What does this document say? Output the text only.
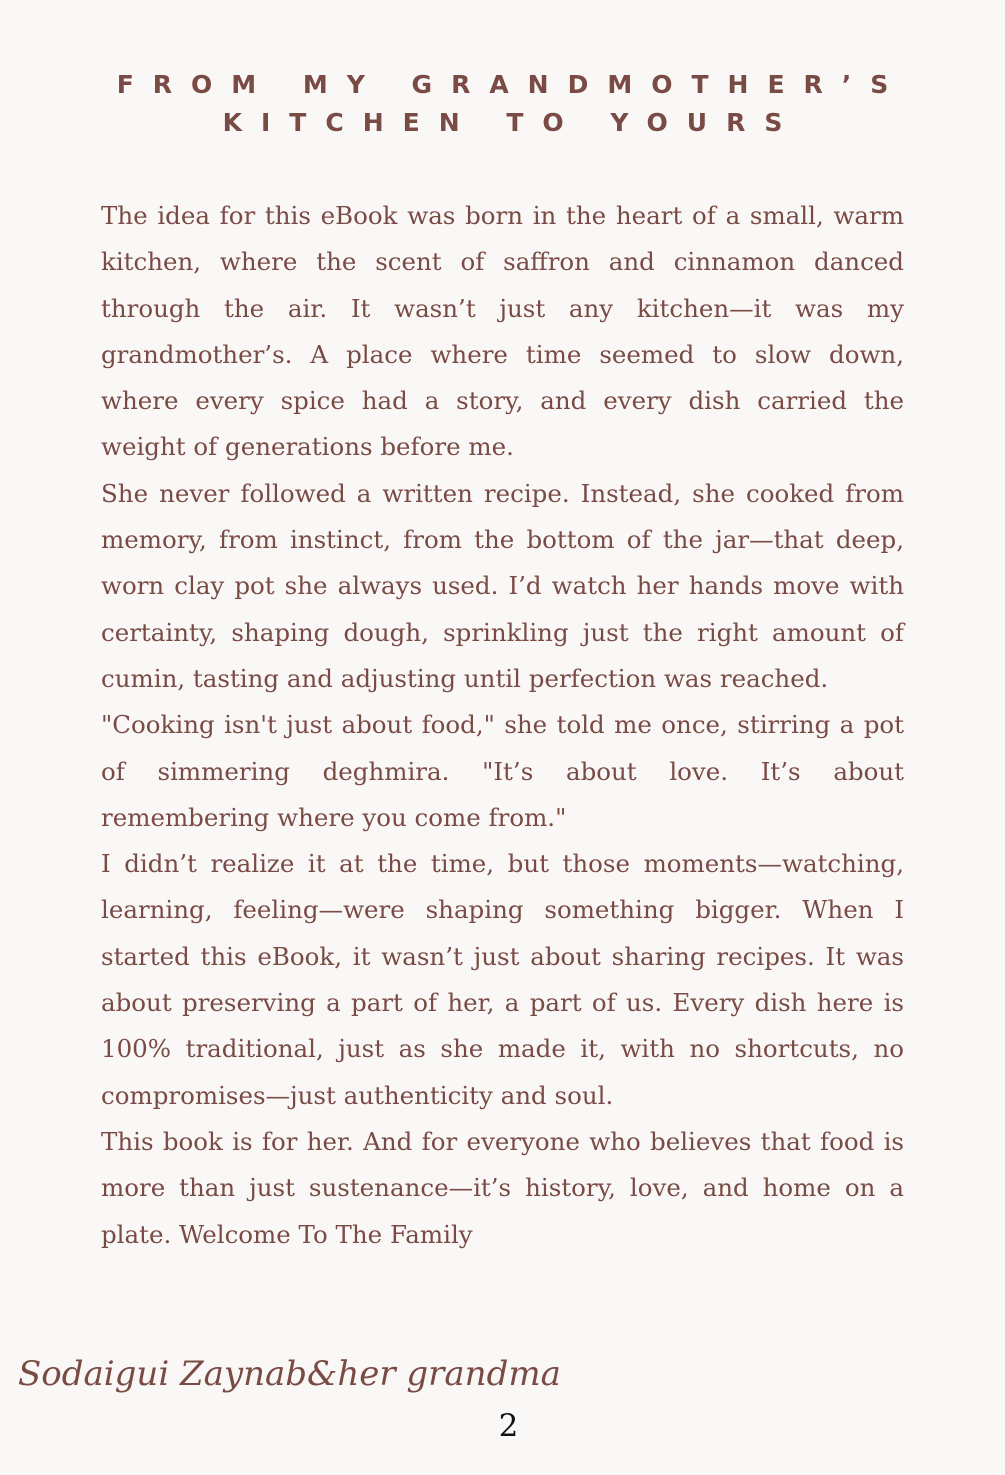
FROM MY GRANDMOTHER’S
KITCHEN TO YOURS

The idea for this eBook was born in the heart of a small, warm kitchen, where the scent of saffron and cinnamon danced through the air. It wasn’t just any kitchen—it was my grandmother’s. A place where time seemed to slow down, where every spice had a story, and every dish carried the weight of generations before me.

She never followed a written recipe. Instead, she cooked from memory, from instinct, from the bottom of the jar—that deep, worn clay pot she always used. I’d watch her hands move with certainty, shaping dough, sprinkling just the right amount of cumin, tasting and adjusting until perfection was reached.

"Cooking isn't just about food," she told me once, stirring a pot of simmering deghmira. "It’s about love. It’s about remembering where you come from."

I didn’t realize it at the time, but those moments—watching, learning, feeling—were shaping something bigger. When I started this eBook, it wasn’t just about sharing recipes. It was about preserving a part of her, a part of us. Every dish here is 100% traditional, just as she made it, with no shortcuts, no compromises—just authenticity and soul.

This book is for her. And for everyone who believes that food is more than just sustenance—it’s history, love, and home on a plate. Welcome To The Family

Sodaigui Zaynab&her grandma
2
